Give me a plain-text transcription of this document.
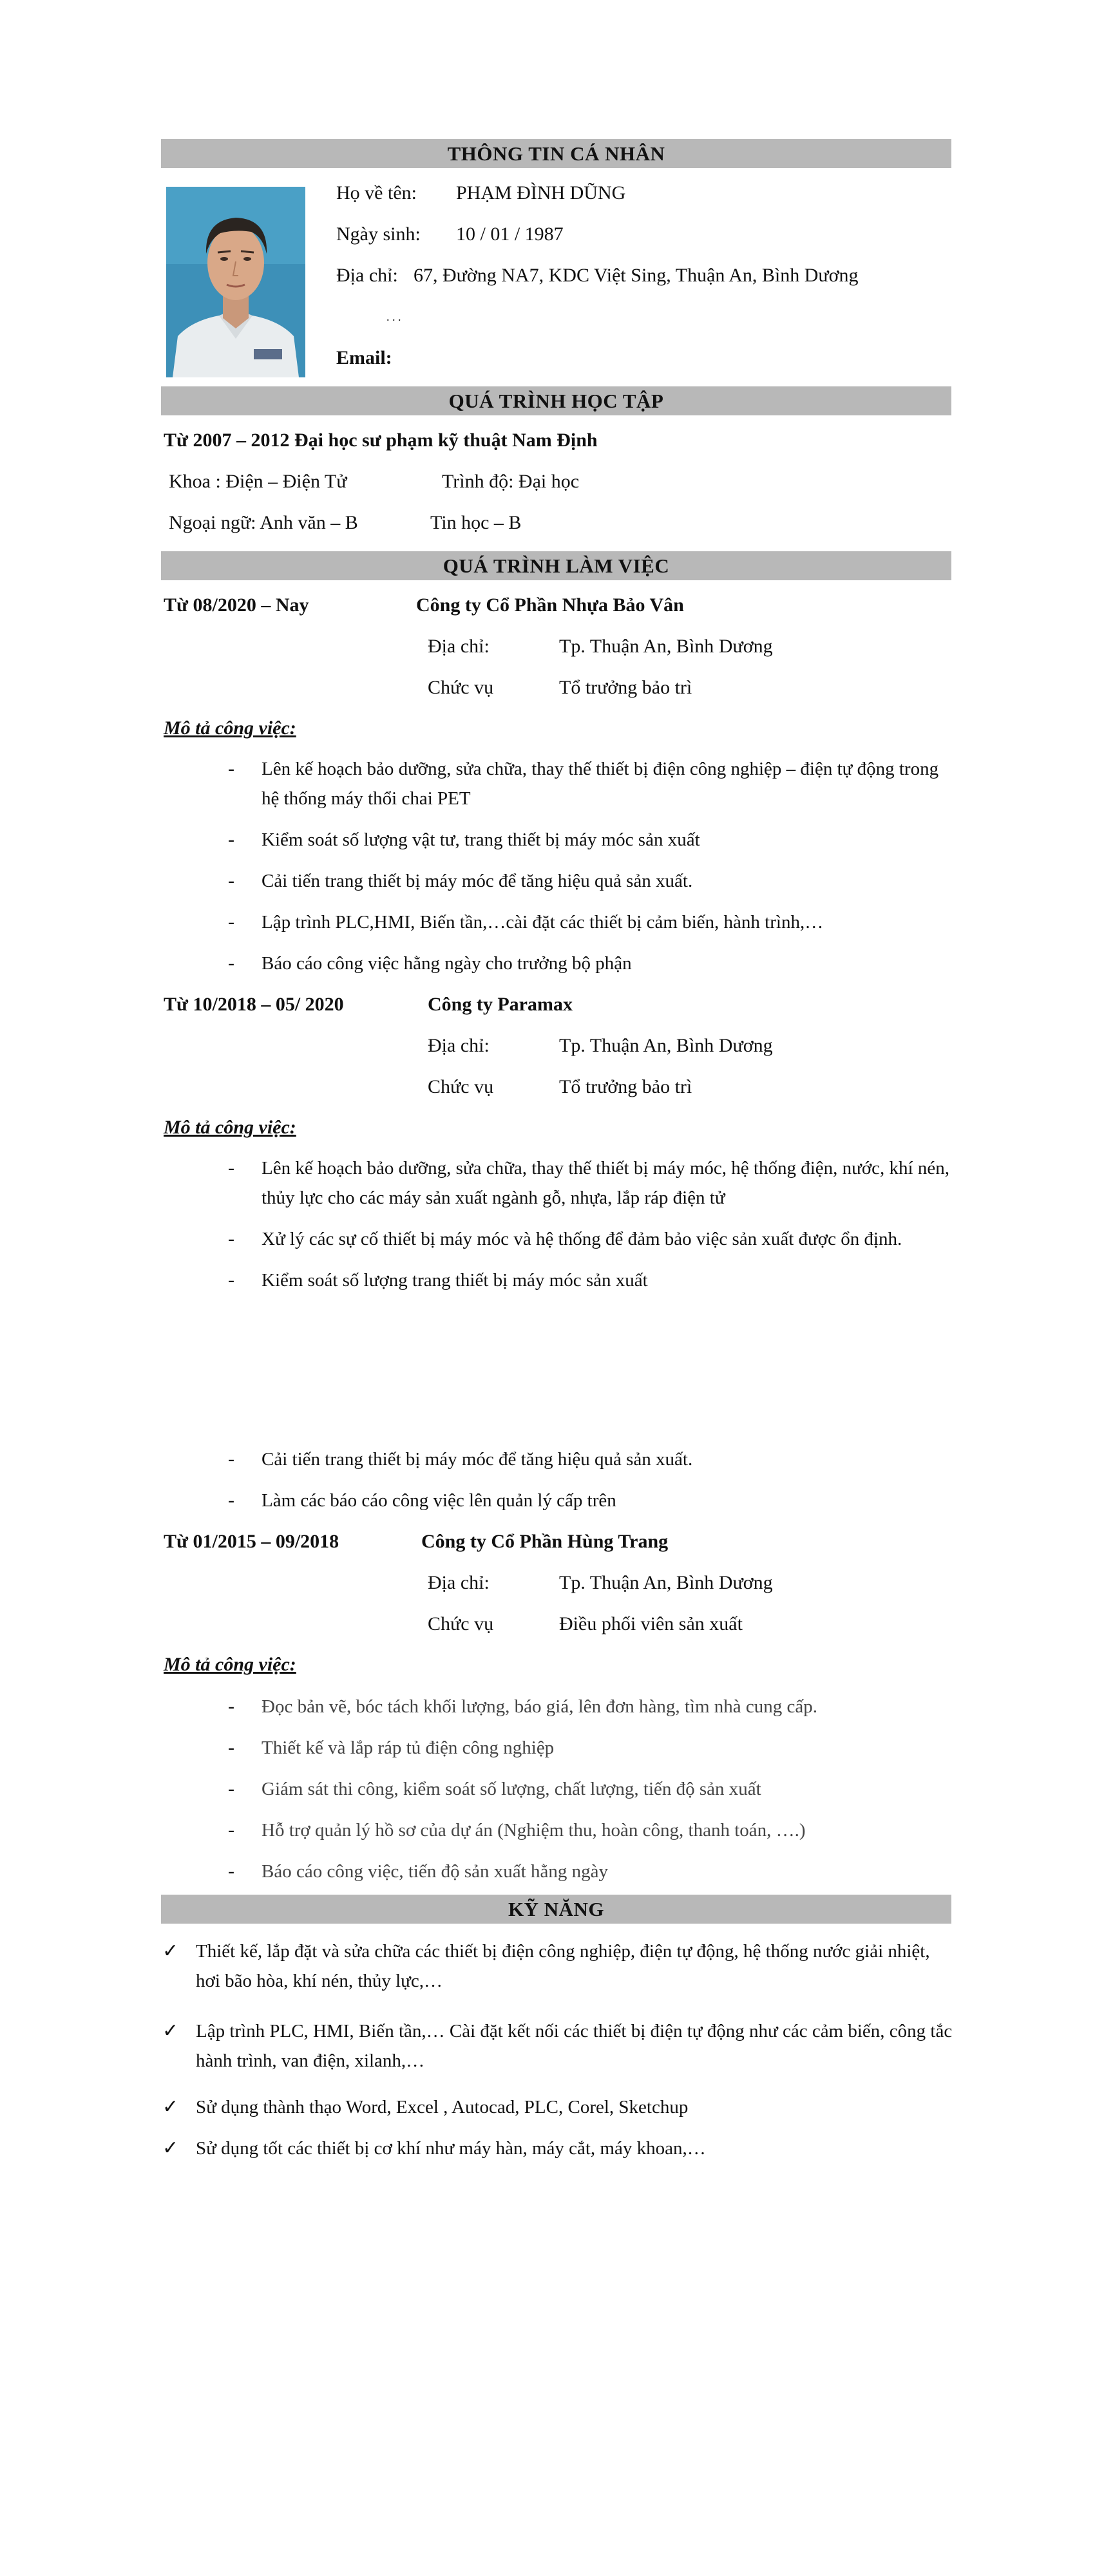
THÔNG TIN CÁ NHÂN
Họ về tên: PHẠM ĐÌNH DŨNG
Ngày sinh: 10 / 01 / 1987
Địa chỉ: 67, Đường NA7, KDC Việt Sing, Thuận An, Bình Dương
. . .
Email:
QUÁ TRÌNH HỌC TẬP
Từ 2007 – 2012 Đại học sư phạm kỹ thuật Nam Định
Khoa : Điện – Điện Tử	Trình độ: Đại học
Ngoại ngữ: Anh văn – B	Tin học – B
QUÁ TRÌNH LÀM VIỆC
Từ 08/2020 – Nay	Công ty Cổ Phần Nhựa Bảo Vân
Địa chỉ:	Tp. Thuận An, Bình Dương
Chức vụ	Tổ trưởng bảo trì
Mô tả công việc:
- Lên kế hoạch bảo dưỡng, sửa chữa, thay thế thiết bị điện công nghiệp – điện tự động trong hệ thống máy thổi chai PET
- Kiểm soát số lượng vật tư, trang thiết bị máy móc sản xuất
- Cải tiến trang thiết bị máy móc để tăng hiệu quả sản xuất.
- Lập trình PLC,HMI, Biến tần,…cài đặt các thiết bị cảm biến, hành trình,…
- Báo cáo công việc hằng ngày cho trưởng bộ phận
Từ 10/2018 – 05/ 2020	Công ty Paramax
Địa chỉ:	Tp. Thuận An, Bình Dương
Chức vụ	Tổ trưởng bảo trì
Mô tả công việc:
- Lên kế hoạch bảo dưỡng, sửa chữa, thay thế thiết bị máy móc, hệ thống điện, nước, khí nén, thủy lực cho các máy sản xuất ngành gỗ, nhựa, lắp ráp điện tử
- Xử lý các sự cố thiết bị máy móc và hệ thống để đảm bảo việc sản xuất được ổn định.
- Kiểm soát số lượng trang thiết bị máy móc sản xuất
- Cải tiến trang thiết bị máy móc để tăng hiệu quả sản xuất.
- Làm các báo cáo công việc lên quản lý cấp trên
Từ 01/2015 – 09/2018	Công ty Cổ Phần Hùng Trang
Địa chỉ:	Tp. Thuận An, Bình Dương
Chức vụ	Điều phối viên sản xuất
Mô tả công việc:
- Đọc bản vẽ, bóc tách khối lượng, báo giá, lên đơn hàng, tìm nhà cung cấp.
- Thiết kế và lắp ráp tủ điện công nghiệp
- Giám sát thi công, kiểm soát số lượng, chất lượng, tiến độ sản xuất
- Hỗ trợ quản lý hồ sơ của dự án (Nghiệm thu, hoàn công, thanh toán, ….)
- Báo cáo công việc, tiến độ sản xuất hằng ngày
KỸ NĂNG
✓ Thiết kế, lắp đặt và sửa chữa các thiết bị điện công nghiệp, điện tự động, hệ thống nước giải nhiệt, hơi bão hòa, khí nén, thủy lực,…
✓ Lập trình PLC, HMI, Biến tần,… Cài đặt kết nối các thiết bị điện tự động như các cảm biến, công tắc hành trình, van điện, xilanh,…
✓ Sử dụng thành thạo Word, Excel , Autocad, PLC, Corel, Sketchup
✓ Sử dụng tốt các thiết bị cơ khí như máy hàn, máy cắt, máy khoan,…
